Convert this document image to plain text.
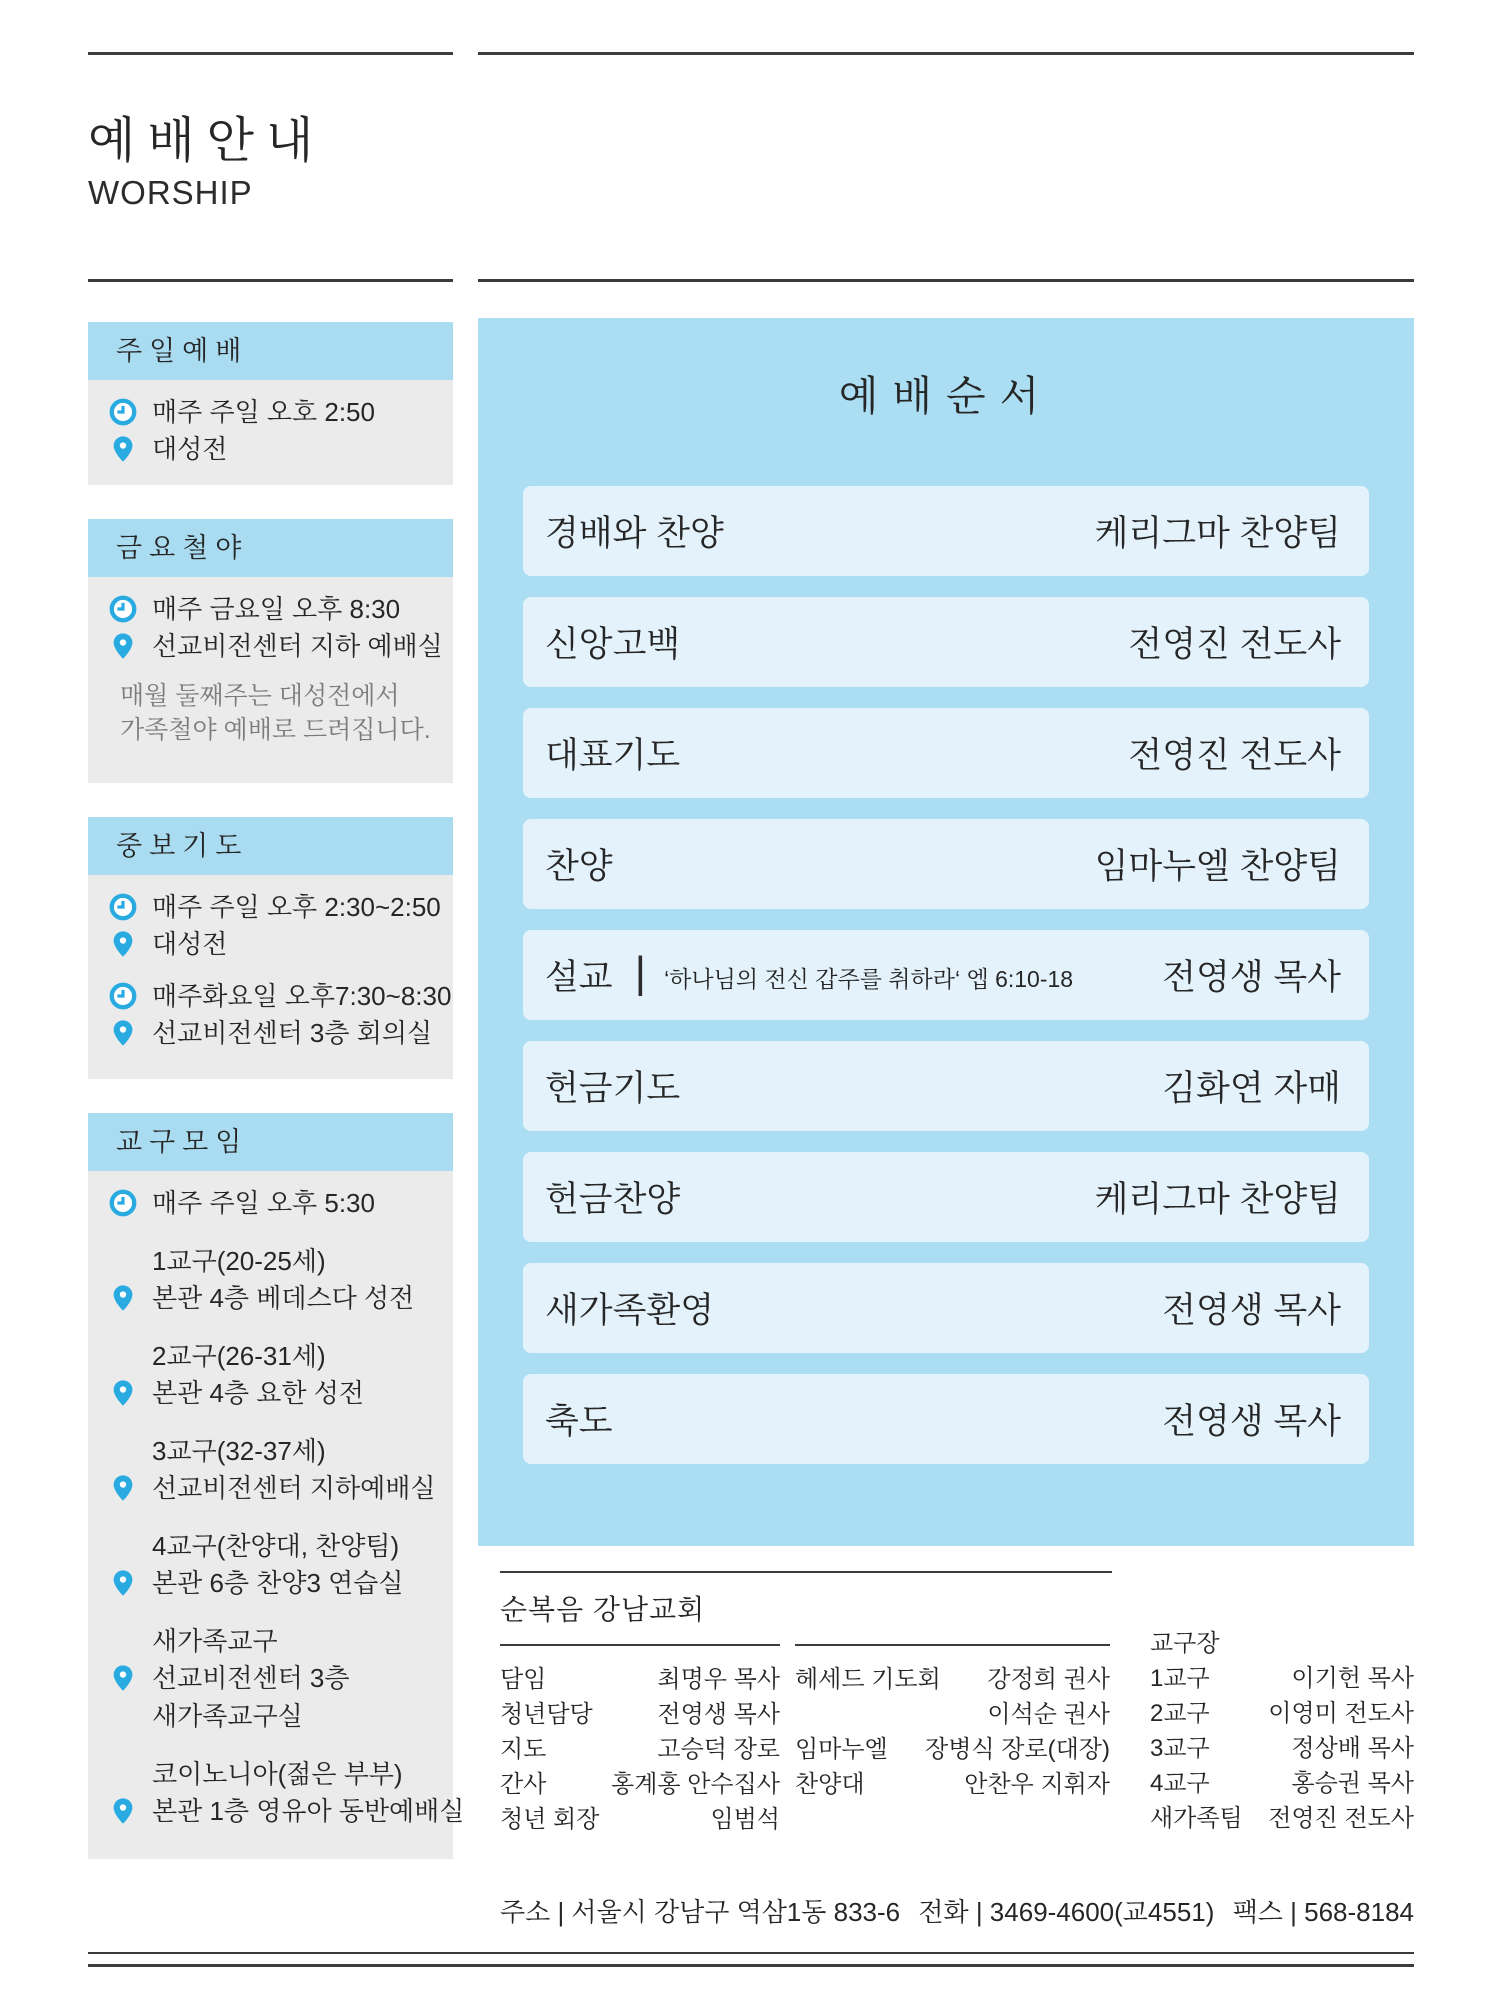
예배안내
WORSHIP
주일예배
매주 주일 오호 2:50
대성전
금요철야
매주 금요일 오후 8:30
선교비전센터 지하 예배실
매월 둘째주는 대성전에서
가족철야 예배로 드려집니다.
중보기도
매주 주일 오후 2:30~2:50
대성전
매주화요일 오후7:30~8:30
선교비전센터 3층 회의실
교구모임
매주 주일 오후 5:30
1교구(20-25세)
본관 4층 베데스다 성전
2교구(26-31세)
본관 4층 요한 성전
3교구(32-37세)
선교비전센터 지하예배실
4교구(찬양대, 찬양팀)
본관 6층 찬양3 연습실
새가족교구
선교비전센터 3층
새가족교구실
코이노니아(젊은 부부)
본관 1층 영유아 동반예배실
예배순서
경배와 찬양	케리그마 찬양팀
신앙고백	전영진 전도사
대표기도	전영진 전도사
찬양	임마누엘 찬양팀
설교 | ‘하나님의 전신 갑주를 취하라‘ 엡 6:10-18	전영생 목사
헌금기도	김화연 자매
헌금찬양	케리그마 찬양팀
새가족환영	전영생 목사
축도	전영생 목사
순복음 강남교회
담임	최명우 목사
청년담당	전영생 목사
지도	고승덕 장로
간사	홍계홍 안수집사
청년 회장	임범석
헤세드 기도회 강정희 권사
이석순 권사
임마누엘 장병식 장로(대장)
찬양대	안찬우 지휘자
교구장
1교구	이기헌 목사
2교구 이영미 전도사
3교구	정상배 목사
4교구	홍승권 목사
새가족팀 전영진 전도사
주소 | 서울시 강남구 역삼1동 833-6 전화 | 3469-4600(교4551) 팩스 | 568-8184
